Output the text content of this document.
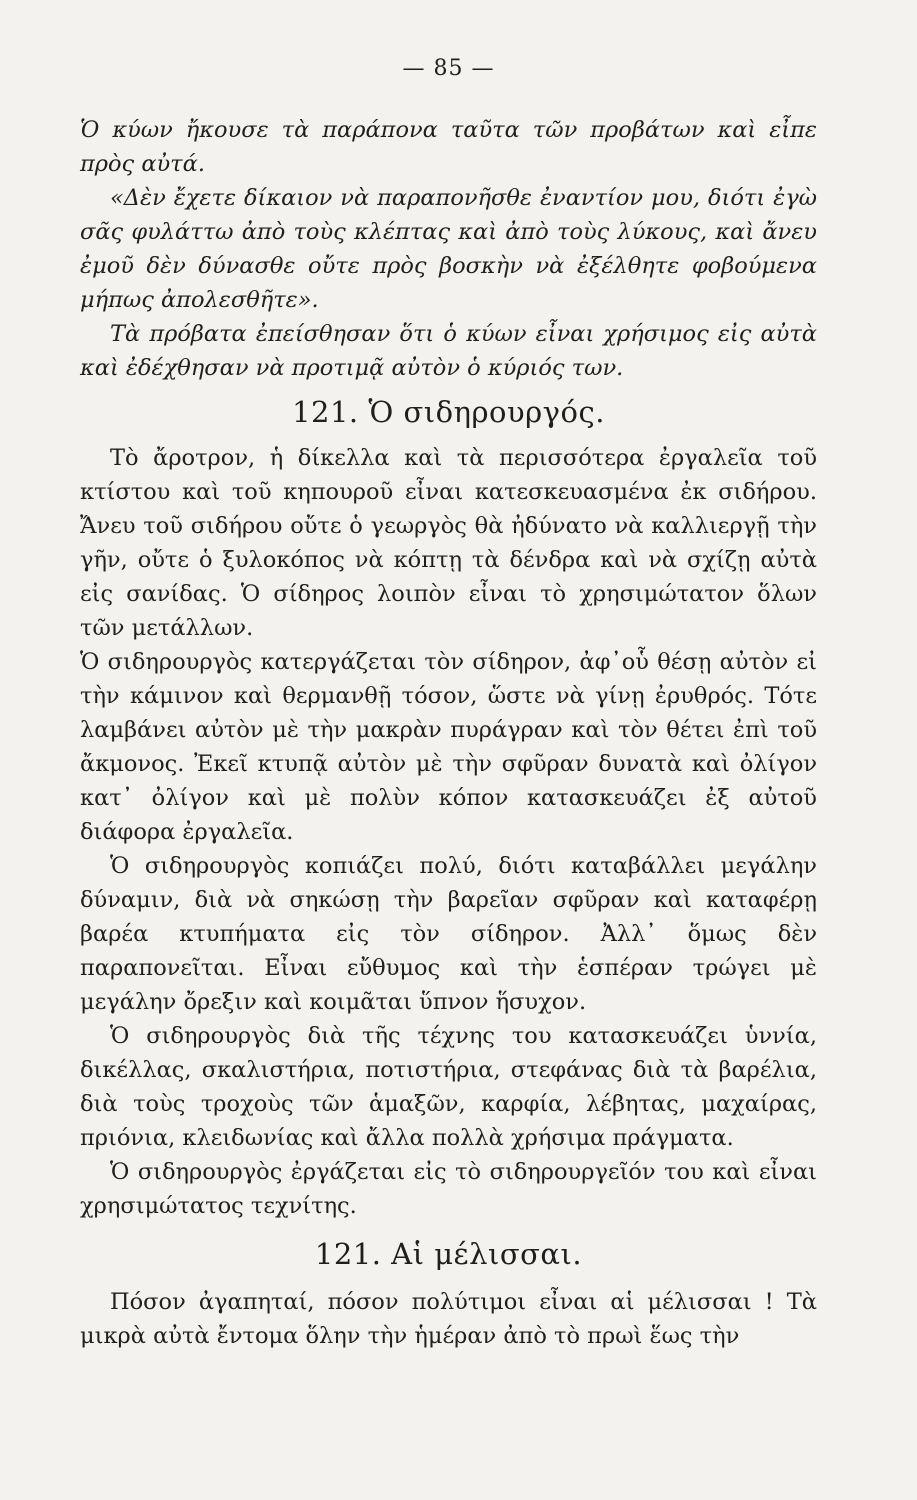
— 85 —

Ὁ κύων ἤκουσε τὰ παράπονα ταῦτα τῶν προβάτων καὶ εἶπε πρὸς αὐτά.

«Δὲν ἔχετε δίκαιον νὰ παραπονῆσθε ἐναντίον μου, διότι ἐγὼ σᾶς φυλάττω ἀπὸ τοὺς κλέπτας καὶ ἀπὸ τοὺς λύκους, καὶ ἄνευ ἐμοῦ δὲν δύνασθε οὔτε πρὸς βοσκὴν νὰ ἐξέλθητε φοβούμενα μήπως ἀπολεσθῆτε».

Τὰ πρόβατα ἐπείσθησαν ὅτι ὁ κύων εἶναι χρήσιμος εἰς αὐτὰ καὶ ἐδέχθησαν νὰ προτιμᾷ αὐτὸν ὁ κύριός των.

121. Ὁ σιδηρουργός.

Τὸ ἄροτρον, ἡ δίκελλα καὶ τὰ περισσότερα ἐργαλεῖα τοῦ κτίστου καὶ τοῦ κηπουροῦ εἶναι κατεσκευασμένα ἐκ σιδήρου. Ἄνευ τοῦ σιδήρου οὔτε ὁ γεωργὸς θὰ ἠδύνατο νὰ καλλιεργῇ τὴν γῆν, οὔτε ὁ ξυλοκόπος νὰ κόπτῃ τὰ δένδρα καὶ νὰ σχίζῃ αὐτὰ εἰς σανίδας. Ὁ σίδηρος λοιπὸν εἶναι τὸ χρησιμώτατον ὅλων τῶν μετάλλων.

Ὁ σιδηρουργὸς κατεργάζεται τὸν σίδηρον, ἀφ᾽οὗ θέσῃ αὐτὸν εἰ τὴν κάμινον καὶ θερμανθῇ τόσον, ὥστε νὰ γίνῃ ἐρυθρός. Τότε λαμβάνει αὐτὸν μὲ τὴν μακρὰν πυράγραν καὶ τὸν θέτει ἐπὶ τοῦ ἄκμονος. Ἐκεῖ κτυπᾷ αὐτὸν μὲ τὴν σφῦραν δυνατὰ καὶ ὀλίγον κατ᾽ ὀλίγον καὶ μὲ πολὺν κόπον κατασκευάζει ἐξ αὐτοῦ διάφορα ἐργαλεῖα.

Ὁ σιδηρουργὸς κοπιάζει πολύ, διότι καταβάλλει μεγάλην δύναμιν, διὰ νὰ σηκώσῃ τὴν βαρεῖαν σφῦραν καὶ καταφέρῃ βαρέα κτυπήματα εἰς τὸν σίδηρον. Ἀλλ᾽ ὅμως δὲν παραπονεῖται. Εἶναι εὔθυμος καὶ τὴν ἑσπέραν τρώγει μὲ μεγάλην ὄρεξιν καὶ κοιμᾶται ὕπνον ἥσυχον.

Ὁ σιδηρουργὸς διὰ τῆς τέχνης του κατασκευάζει ὑννία, δικέλλας, σκαλιστήρια, ποτιστήρια, στεφάνας διὰ τὰ βαρέλια, διὰ τοὺς τροχοὺς τῶν ἁμαξῶν, καρφία, λέβητας, μαχαίρας, πριόνια, κλειδωνίας καὶ ἄλλα πολλὰ χρήσιμα πράγματα.

Ὁ σιδηρουργὸς ἐργάζεται εἰς τὸ σιδηρουργεῖόν του καὶ εἶναι χρησιμώτατος τεχνίτης.

121. Αἱ μέλισσαι.

Πόσον ἀγαπηταί, πόσον πολύτιμοι εἶναι αἱ μέλισσαι ! Τὰ μικρὰ αὐτὰ ἔντομα ὅλην τὴν ἡμέραν ἀπὸ τὸ πρωὶ ἕως τὴν
